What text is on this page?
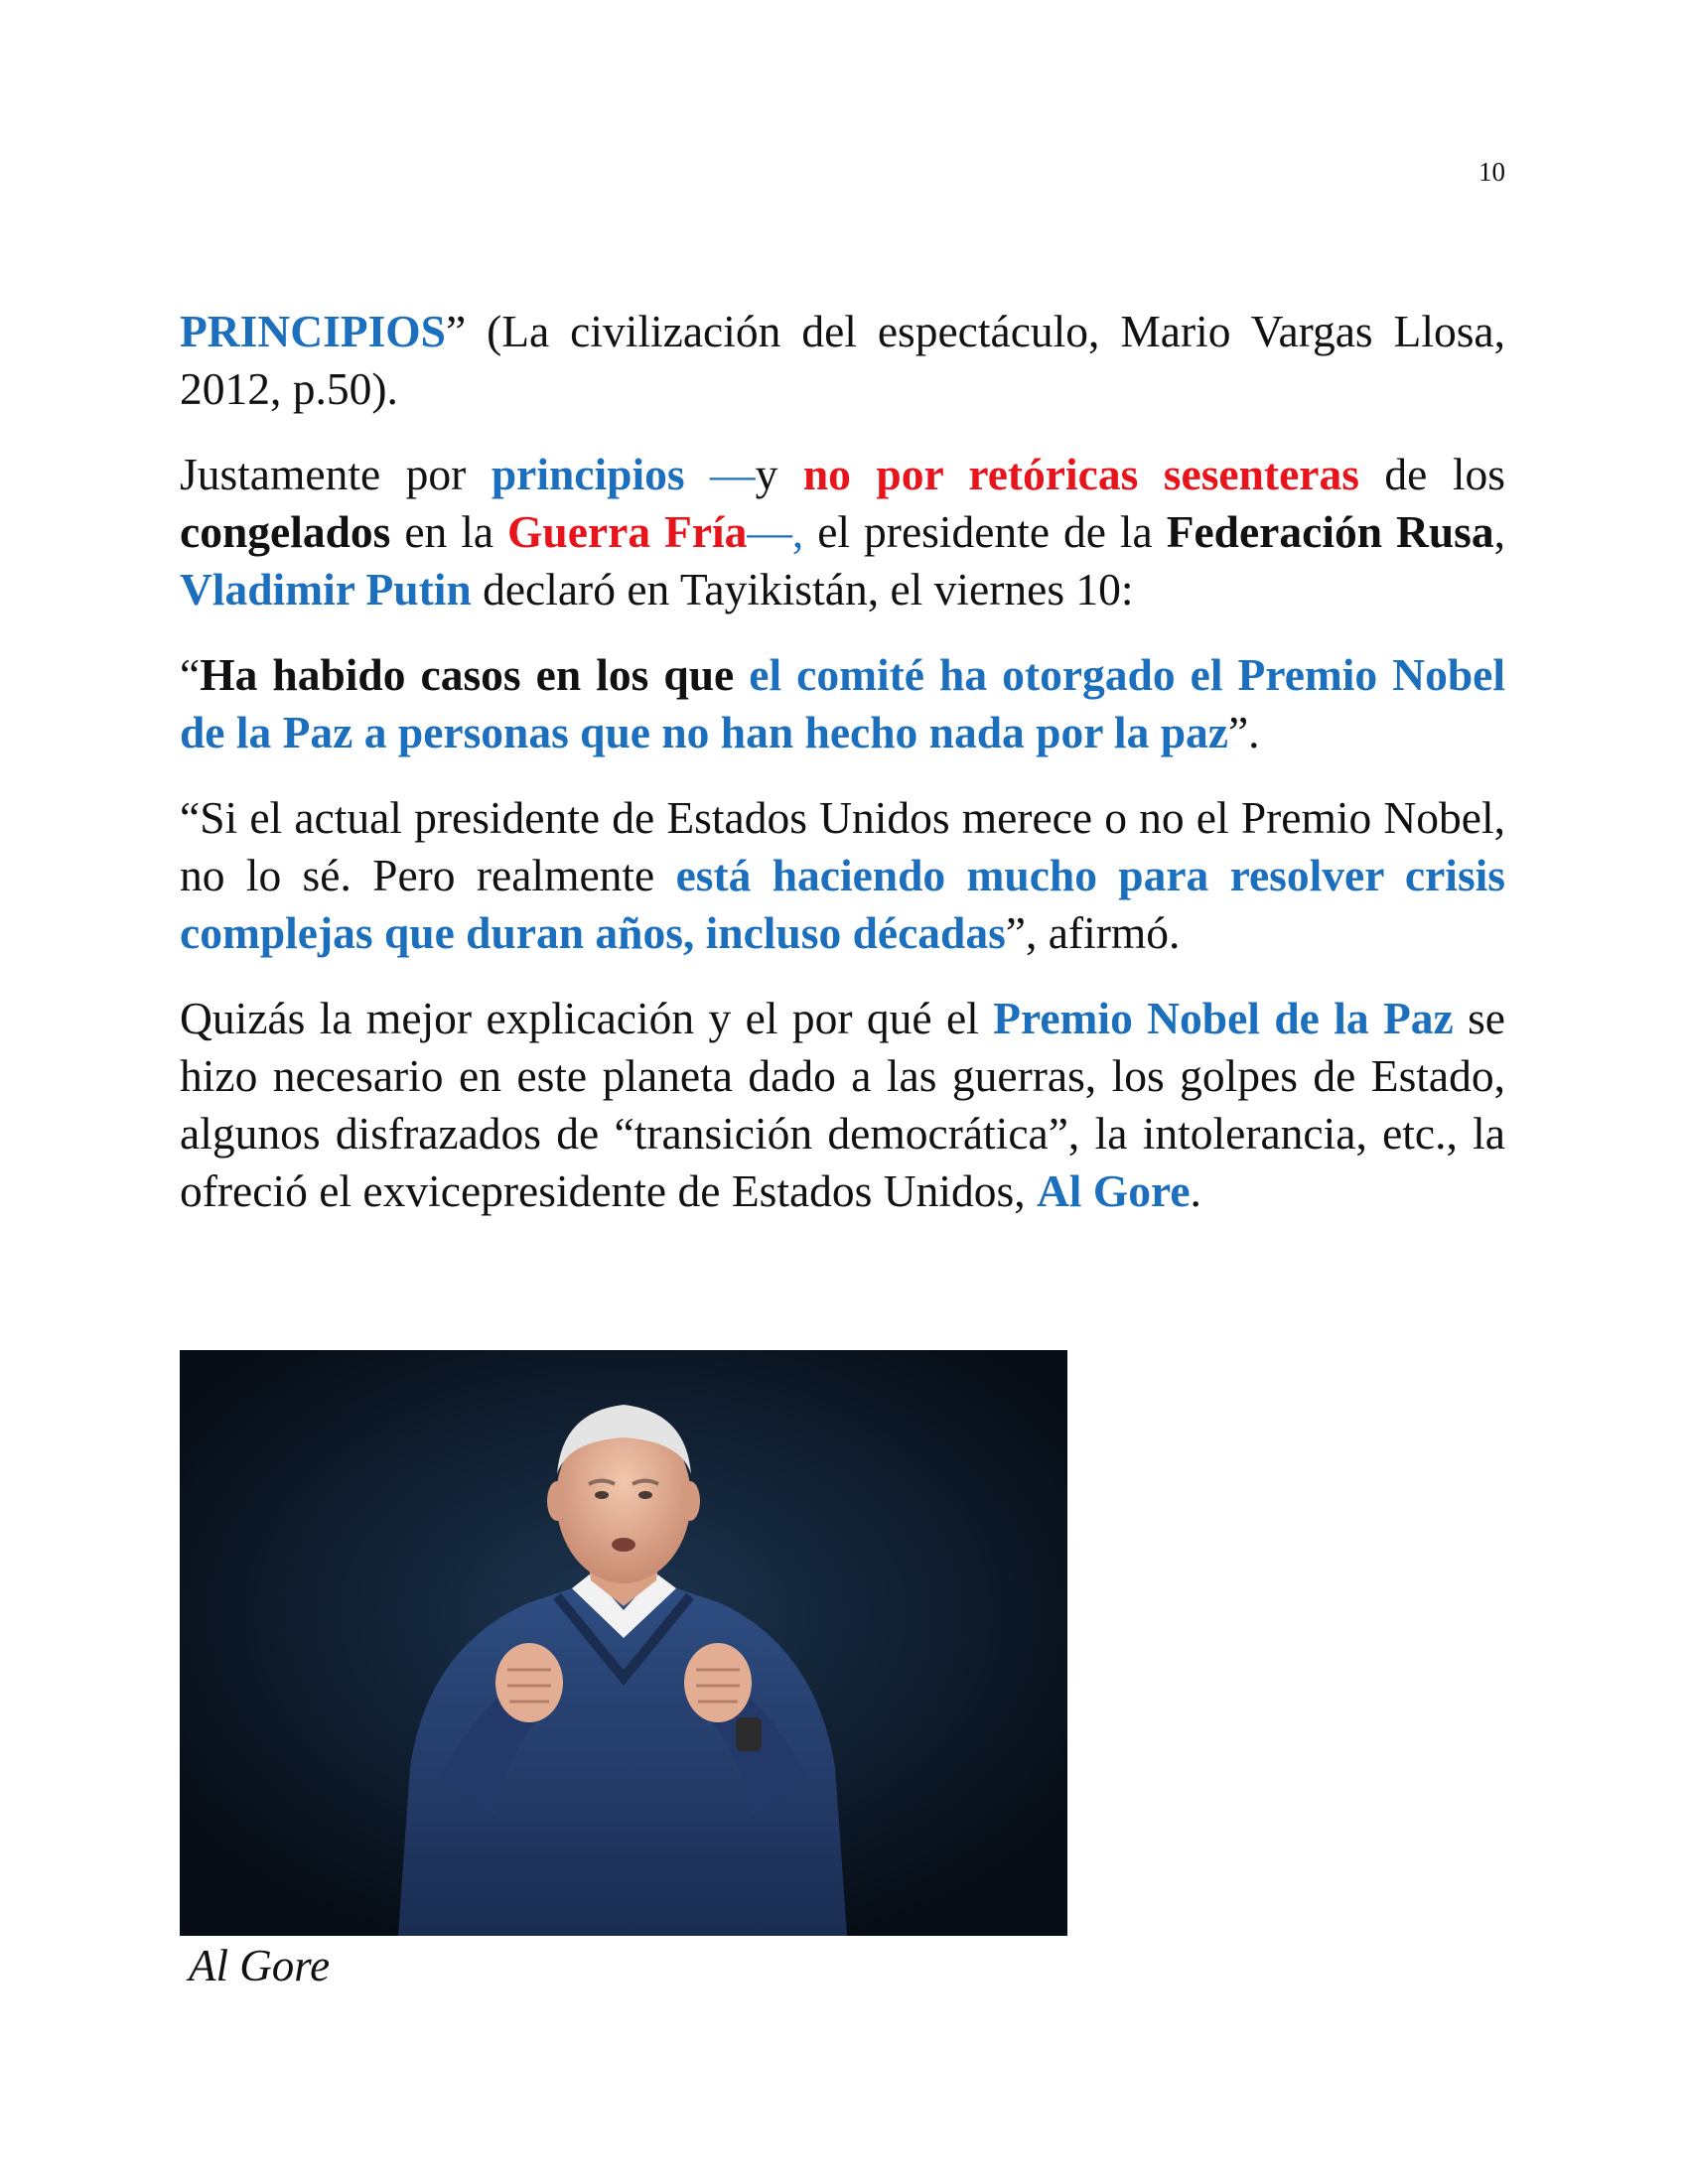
10

PRINCIPIOS” (La civilización del espectáculo, Mario Vargas Llosa, 2012, p.50).

Justamente por principios —y no por retóricas sesenteras de los congelados en la Guerra Fría—, el presidente de la Federación Rusa, Vladimir Putin declaró en Tayikistán, el viernes 10:

“Ha habido casos en los que el comité ha otorgado el Premio Nobel de la Paz a personas que no han hecho nada por la paz”.

“Si el actual presidente de Estados Unidos merece o no el Premio Nobel, no lo sé. Pero realmente está haciendo mucho para resolver crisis complejas que duran años, incluso décadas”, afirmó.

Quizás la mejor explicación y el por qué el Premio Nobel de la Paz se hizo necesario en este planeta dado a las guerras, los golpes de Estado, algunos disfrazados de “transición democrática”, la intolerancia, etc., la ofreció el exvicepresidente de Estados Unidos, Al Gore.

Al Gore
